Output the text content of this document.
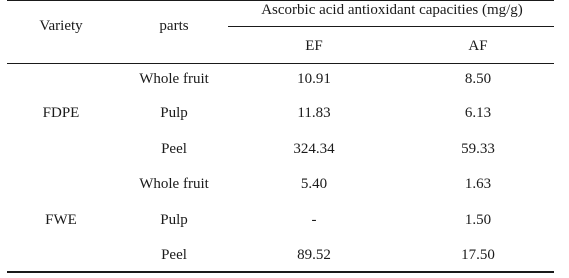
Variety	parts
Ascorbic acid antioxidant capacities (mg/g)
EF	AF
FDPE
Whole fruit	10.91	8.50
Pulp	11.83	6.13
Peel	324.34	59.33
FWE
Whole fruit	5.40	1.63
Pulp	-	1.50
Peel	89.52	17.50
